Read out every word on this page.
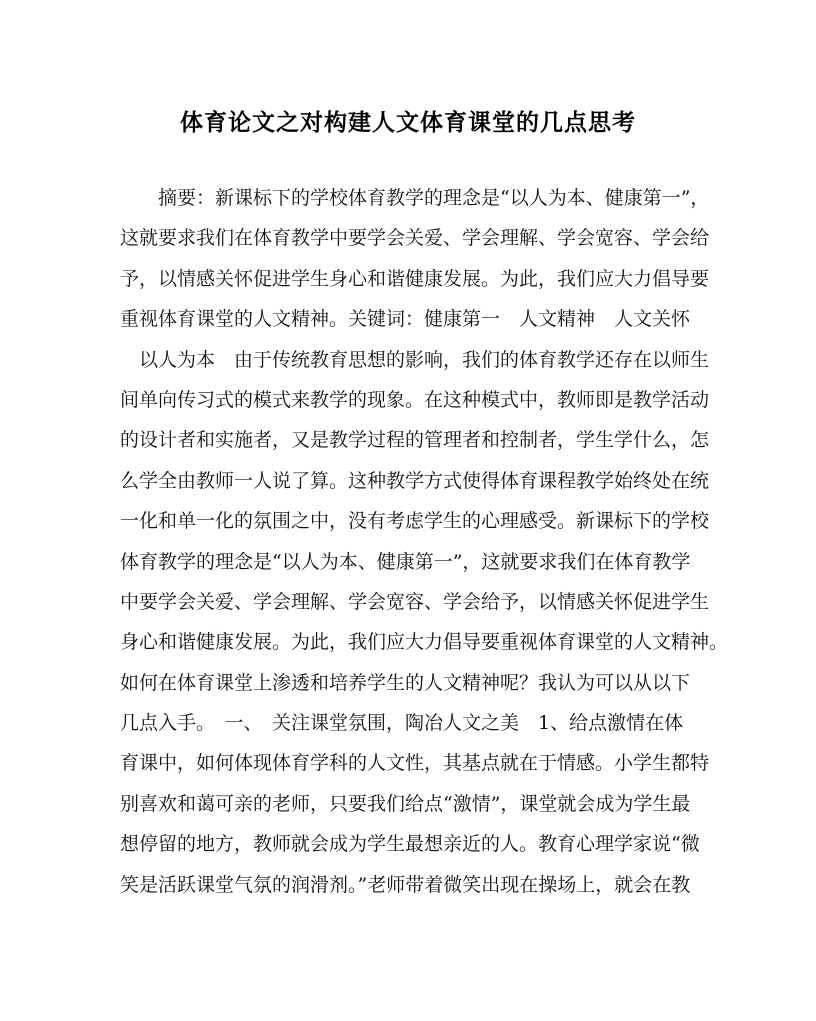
体育论文之对构建人文体育课堂的几点思考
　　摘要：新课标下的学校体育教学的理念是“以人为本、健康第一”，
这就要求我们在体育教学中要学会关爱、学会理解、学会宽容、学会给
予，以情感关怀促进学生身心和谐健康发展。为此，我们应大力倡导要
重视体育课堂的人文精神。关键词：健康第一　人文精神　人文关怀
　以人为本　由于传统教育思想的影响，我们的体育教学还存在以师生
间单向传习式的模式来教学的现象。在这种模式中，教师即是教学活动
的设计者和实施者，又是教学过程的管理者和控制者，学生学什么，怎
么学全由教师一人说了算。这种教学方式使得体育课程教学始终处在统
一化和单一化的氛围之中，没有考虑学生的心理感受。新课标下的学校
体育教学的理念是“以人为本、健康第一”，这就要求我们在体育教学
中要学会关爱、学会理解、学会宽容、学会给予，以情感关怀促进学生
身心和谐健康发展。为此，我们应大力倡导要重视体育课堂的人文精神。
如何在体育课堂上渗透和培养学生的人文精神呢？我认为可以从以下
几点入手。　一、　关注课堂氛围，陶冶人文之美　1、给点激情在体
育课中，如何体现体育学科的人文性，其基点就在于情感。小学生都特
别喜欢和蔼可亲的老师，只要我们给点“激情”，课堂就会成为学生最
想停留的地方，教师就会成为学生最想亲近的人。教育心理学家说“微
笑是活跃课堂气氛的润滑剂。”老师带着微笑出现在操场上，就会在教
